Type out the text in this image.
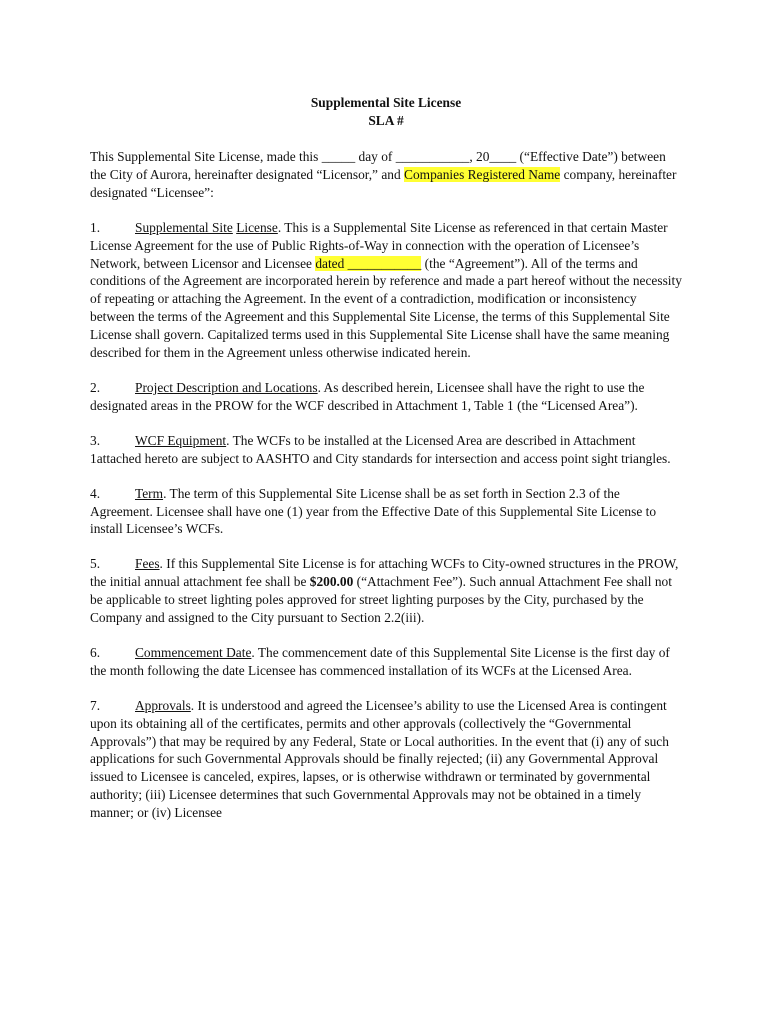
Supplemental Site License

SLA #

This Supplemental Site License, made this _____ day of ___________, 20____ (“Effective Date”) between the City of Aurora, hereinafter designated “Licensor,” and Companies Registered Name company, hereinafter designated “Licensee”:

1.	Supplemental Site License. This is a Supplemental Site License as referenced in that certain Master License Agreement for the use of Public Rights-of-Way in connection with the operation of Licensee’s Network, between Licensor and Licensee dated ___________ (the “Agreement”). All of the terms and conditions of the Agreement are incorporated herein by reference and made a part hereof without the necessity of repeating or attaching the Agreement. In the event of a contradiction, modification or inconsistency between the terms of the Agreement and this Supplemental Site License, the terms of this Supplemental Site License shall govern. Capitalized terms used in this Supplemental Site License shall have the same meaning described for them in the Agreement unless otherwise indicated herein.

2.	Project Description and Locations. As described herein, Licensee shall have the right to use the designated areas in the PROW for the WCF described in Attachment 1, Table 1 (the “Licensed Area”).

3.	WCF Equipment. The WCFs to be installed at the Licensed Area are described in Attachment 1attached hereto are subject to AASHTO and City standards for intersection and access point sight triangles.

4.	Term. The term of this Supplemental Site License shall be as set forth in Section 2.3 of the Agreement. Licensee shall have one (1) year from the Effective Date of this Supplemental Site License to install Licensee’s WCFs.

5.	Fees. If this Supplemental Site License is for attaching WCFs to City-owned structures in the PROW, the initial annual attachment fee shall be $200.00 (“Attachment Fee”). Such annual Attachment Fee shall not be applicable to street lighting poles approved for street lighting purposes by the City, purchased by the Company and assigned to the City pursuant to Section 2.2(iii).

6.	Commencement Date. The commencement date of this Supplemental Site License is the first day of the month following the date Licensee has commenced installation of its WCFs at the Licensed Area.

7.	Approvals. It is understood and agreed the Licensee’s ability to use the Licensed Area is contingent upon its obtaining all of the certificates, permits and other approvals (collectively the “Governmental Approvals”) that may be required by any Federal, State or Local authorities. In the event that (i) any of such applications for such Governmental Approvals should be finally rejected; (ii) any Governmental Approval issued to Licensee is canceled, expires, lapses, or is otherwise withdrawn or terminated by governmental authority; (iii) Licensee determines that such Governmental Approvals may not be obtained in a timely manner; or (iv) Licensee
